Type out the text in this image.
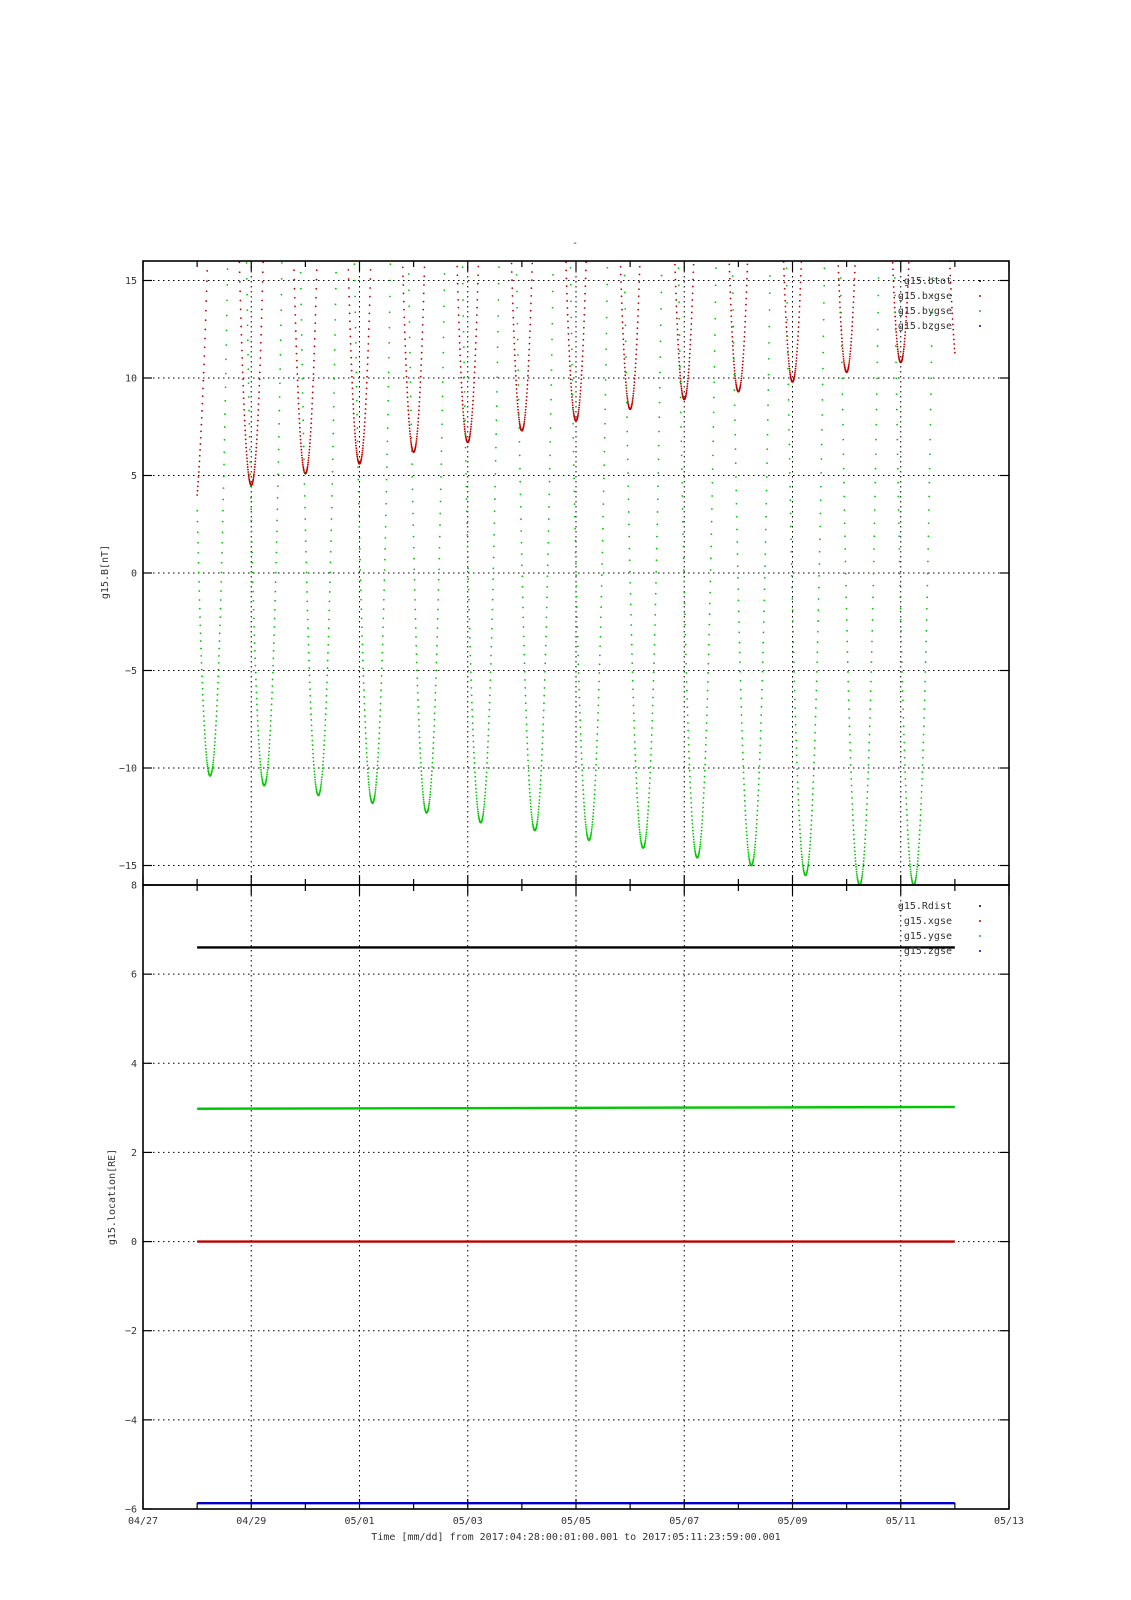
-
15
10
5
0
−5
−10
−15
g15.B[nT]
g15.btot
g15.bxgse
g15.bygse
g15.bzgse
8
6
4
2
0
−2
−4
−6
g15.location[RE]
g15.Rdist
g15.xgse
g15.ygse
g15.zgse
04/27	04/29	05/01	05/03	05/05	05/07	05/09	05/11	05/13
Time [mm/dd] from 2017:04:28:00:01:00.001 to 2017:05:11:23:59:00.001
